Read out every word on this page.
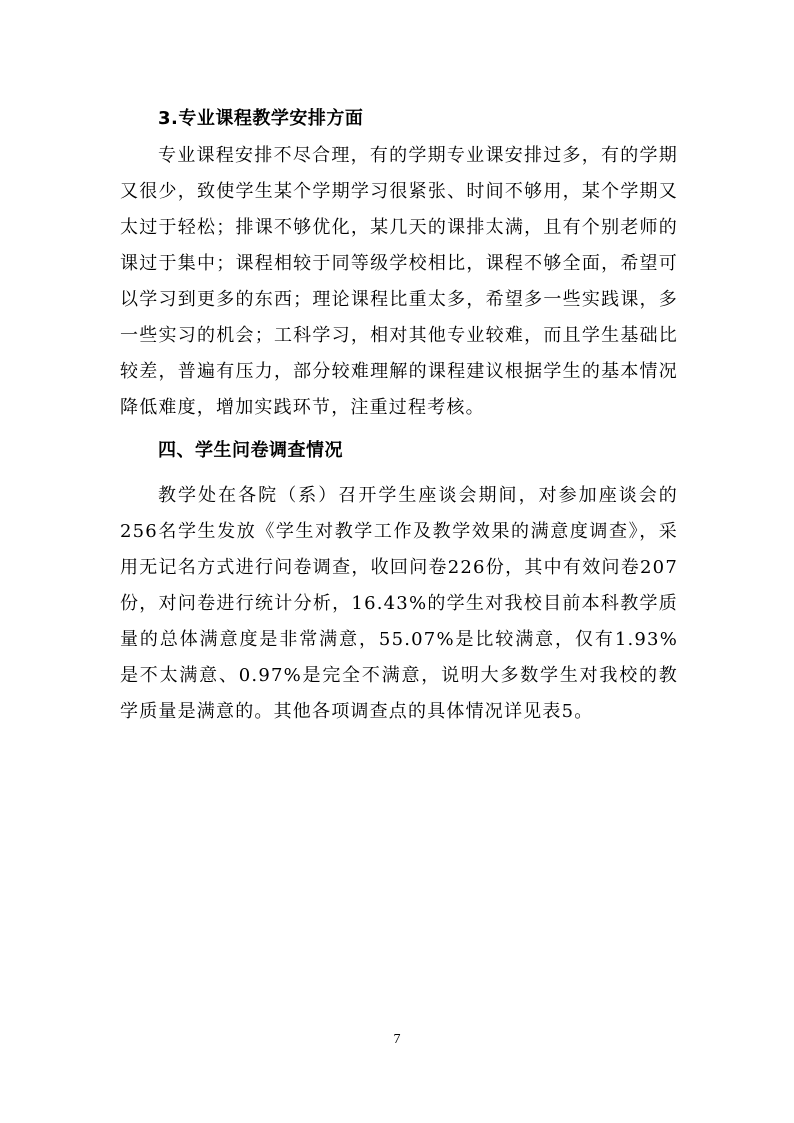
3.专业课程教学安排方面

专业课程安排不尽合理，有的学期专业课安排过多，有的学期又很少，致使学生某个学期学习很紧张、时间不够用，某个学期又太过于轻松；排课不够优化，某几天的课排太满，且有个别老师的课过于集中；课程相较于同等级学校相比，课程不够全面，希望可以学习到更多的东西；理论课程比重太多，希望多一些实践课，多一些实习的机会；工科学习，相对其他专业较难，而且学生基础比较差，普遍有压力，部分较难理解的课程建议根据学生的基本情况降低难度，增加实践环节，注重过程考核。

四、学生问卷调查情况

教学处在各院（系）召开学生座谈会期间，对参加座谈会的256名学生发放《学生对教学工作及教学效果的满意度调查》，采用无记名方式进行问卷调查，收回问卷226份，其中有效问卷207份，对问卷进行统计分析，16.43%的学生对我校目前本科教学质量的总体满意度是非常满意，55.07%是比较满意，仅有1.93%是不太满意、0.97%是完全不满意，说明大多数学生对我校的教学质量是满意的。其他各项调查点的具体情况详见表5。

7
